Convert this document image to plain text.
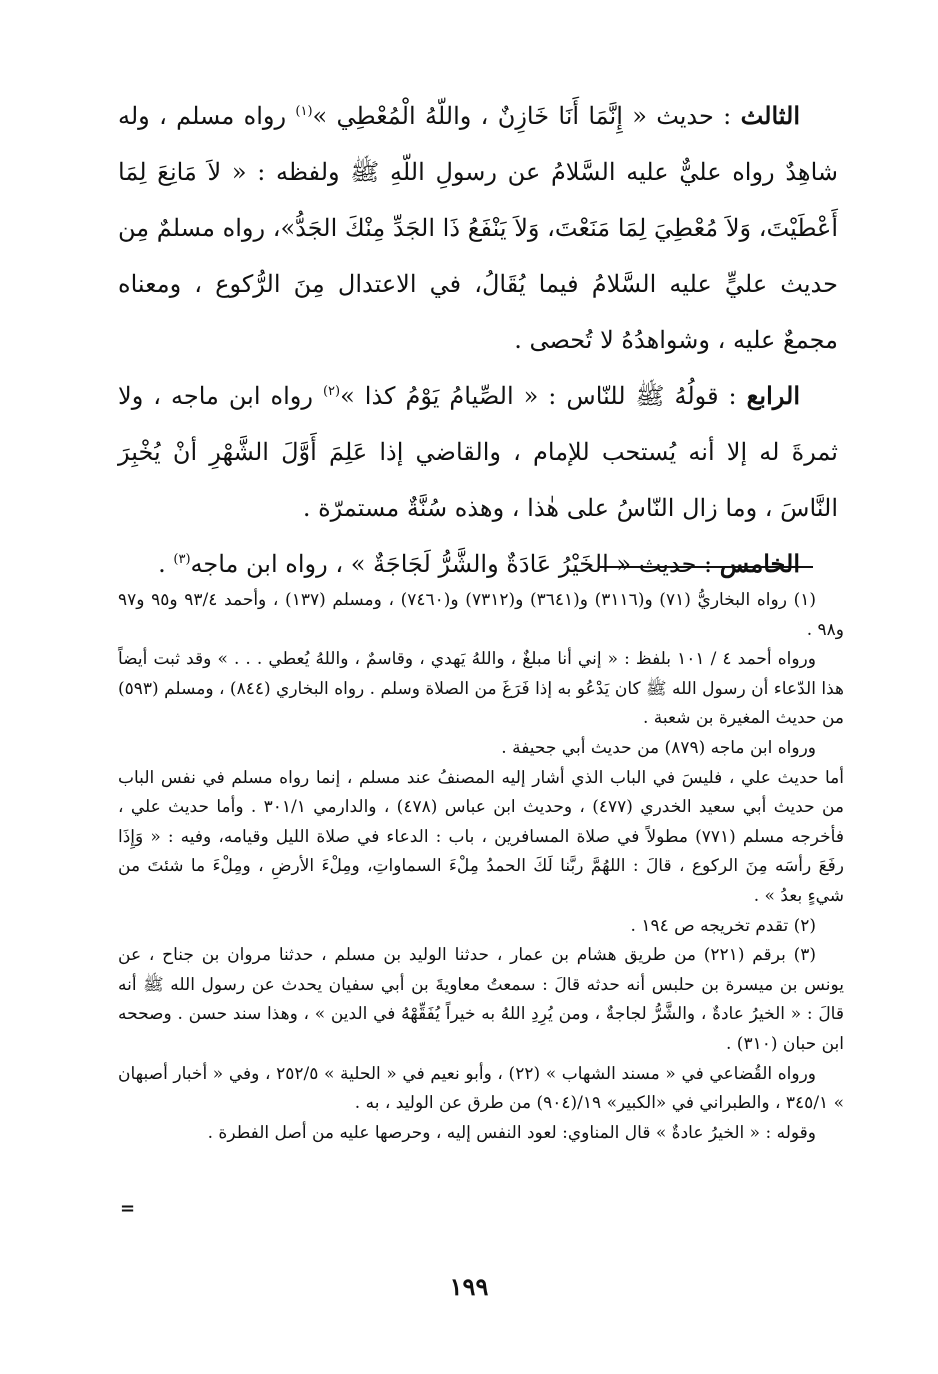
الثالث : حديث « إِنَّمَا أَنَا خَازِنٌ ، واللّهُ الْمُعْطِي »$^{(١)}$ رواه مسلم ، وله شاهِدٌ رواه عليٌّ عليه السَّلامُ عن رسولِ اللّهِ ﷺ ولفظه : « لاَ مَانِعَ لِمَا أَعْطَيْتَ، وَلاَ مُعْطِيَ لِمَا مَنَعْتَ، وَلاَ يَنْفَعُ ذَا الجَدِّ مِنْكَ الجَدُّ»، رواه مسلمٌ مِن حديث عليٍّ عليه السَّلامُ فيما يُقَالُ، في الاعتدال مِنَ الرُّكوع ، ومعناه مجمعٌ عليه ، وشواهدُهُ لا تُحصى .

الرابع : قولُهُ ﷺ للنّاس : « الصِّيامُ يَوْمُ كذا »$^{(٢)}$ رواه ابن ماجه ، ولا ثمرةَ له إلا أنه يُستحب للإمام ، والقاضي إذا عَلِمَ أَوَّلَ الشَّهْرِ أنْ يُخْبِرَ النَّاسَ ، وما زال النّاسُ على هٰذا ، وهذه سُنَّةٌ مستمرّة .

الخامس : حديث « الخَيْرُ عَادَةٌ والشَّرُّ لَجَاجَةٌ » ، رواه ابن ماجه$^{(٣)}$ .

(١) رواه البخاريُّ (٧١) و(٣١١٦) و(٣٦٤١) و(٧٣١٢) و(٧٤٦٠) ، ومسلم (١٣٧) ، وأحمد ٩٣/٤ و٩٥ و٩٧ و٩٨ .

ورواه أحمد ٤ / ١٠١ بلفظ : « إني أنا مبلغٌ ، واللهُ يَهدي ، وقاسمٌ ، واللهُ يُعطي . . . » وقد ثبت أيضاً هذا الدّعاء أن رسول الله ﷺ كان يَدْعُو به إذا فَرَغَ من الصلاة وسلم . رواه البخاري (٨٤٤) ، ومسلم (٥٩٣) من حديث المغيرة بن شعبة .

ورواه ابن ماجه (٨٧٩) من حديث أبي جحيفة .

أما حديث علي ، فليسَ في الباب الذي أشار إليه المصنفُ عند مسلم ، إنما رواه مسلم في نفس الباب من حديث أبي سعيد الخدري (٤٧٧) ، وحديث ابن عباس (٤٧٨) ، والدارمي ٣٠١/١ . وأما حديث علي ، فأخرجه مسلم (٧٧١) مطولاً في صلاة المسافرين ، باب : الدعاء في صلاة الليل وقيامه، وفيه : « وَإِذَا رفَعَ رأسَه مِنَ الركوع ، قالَ : اللهُمَّ ربَّنا لَكَ الحمدُ مِلْءَ السماواتِ، ومِلْءَ الأرضِ ، ومِلْءَ ما شئتَ من شيءٍ بعدُ » .

(٢) تقدم تخريجه ص ١٩٤ .

(٣) برقم (٢٢١) من طريق هشام بن عمار ، حدثنا الوليد بن مسلم ، حدثنا مروان بن جناح ، عن يونس بن ميسرة بن حلبس أنه حدثه قالَ : سمعتُ معاويةَ بن أبي سفيان يحدث عن رسول الله ﷺ أنه قالَ : « الخيرُ عادةٌ ، والشَّرُّ لجاجةٌ ، ومن يُرِدِ اللهُ به خيراً يُفَقِّهْهُ في الدين » ، وهذا سند حسن . وصححه ابن حبان (٣١٠) .

ورواه القُضاعي في « مسند الشهاب » (٢٢) ، وأبو نعيم في « الحلية » ٢٥٢/٥ ، وفي « أخبار أصبهان » ٣٤٥/١ ، والطبراني في «الكبير» ١٩/(٩٠٤) من طرق عن الوليد ، به .

وقوله : « الخيرُ عادةٌ » قال المناوي: لعود النفس إليه ، وحرصها عليه من أصل الفطرة .

=
١٩٩
